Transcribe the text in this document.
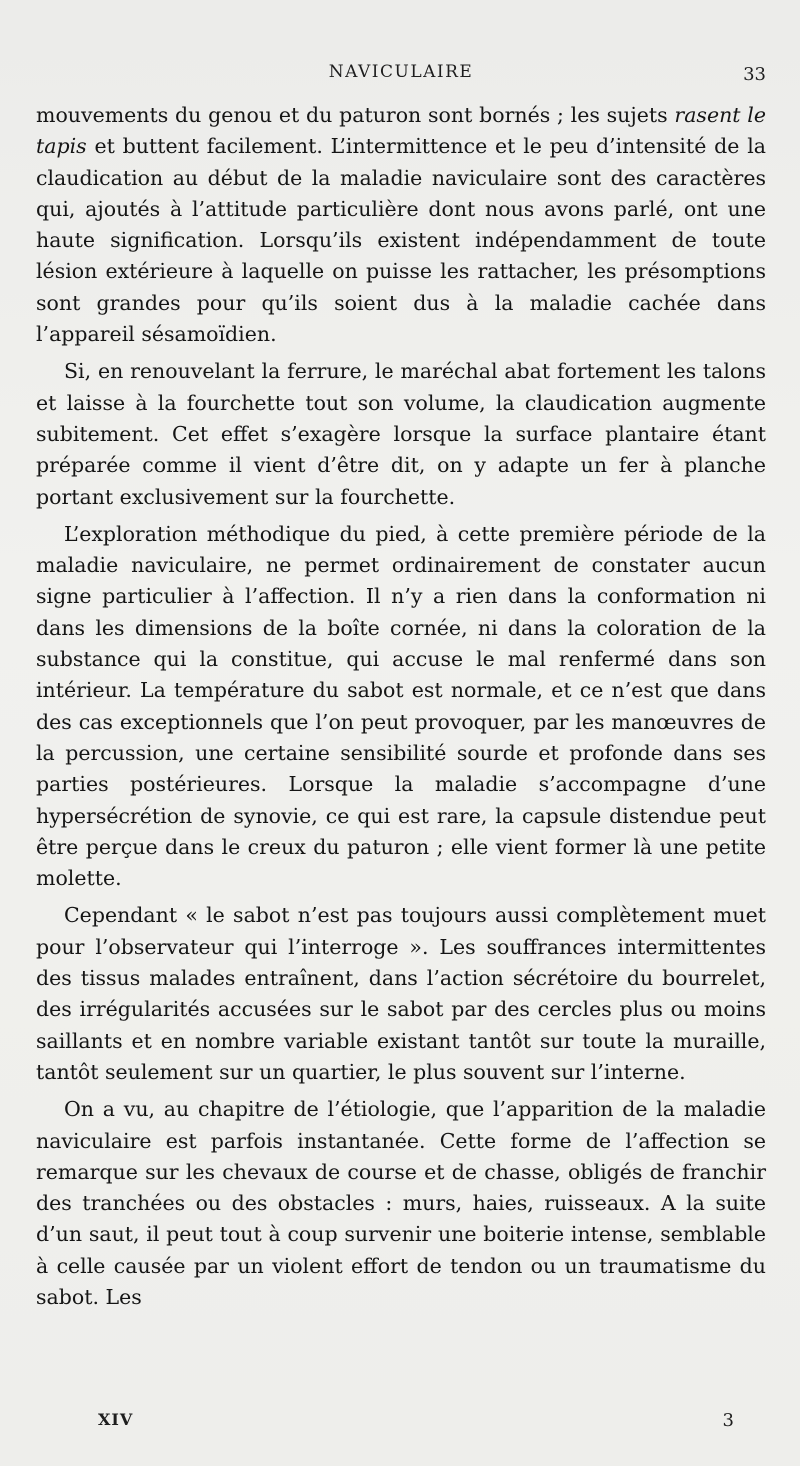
NAVICULAIRE	33

mouvements du genou et du paturon sont bornés ; les sujets rasent le tapis et buttent facilement. L’intermittence et le peu d’intensité de la claudication au début de la maladie naviculaire sont des caractères qui, ajoutés à l’attitude particulière dont nous avons parlé, ont une haute signification. Lorsqu’ils existent indépendamment de toute lésion extérieure à laquelle on puisse les rattacher, les présomptions sont grandes pour qu’ils soient dus à la maladie cachée dans l’appareil sésamoïdien.

Si, en renouvelant la ferrure, le maréchal abat fortement les talons et laisse à la fourchette tout son volume, la claudication augmente subitement. Cet effet s’exagère lorsque la surface plantaire étant préparée comme il vient d’être dit, on y adapte un fer à planche portant exclusivement sur la fourchette.

L’exploration méthodique du pied, à cette première période de la maladie naviculaire, ne permet ordinairement de constater aucun signe particulier à l’affection. Il n’y a rien dans la conformation ni dans les dimensions de la boîte cornée, ni dans la coloration de la substance qui la constitue, qui accuse le mal renfermé dans son intérieur. La température du sabot est normale, et ce n’est que dans des cas exceptionnels que l’on peut provoquer, par les manœuvres de la percussion, une certaine sensibilité sourde et profonde dans ses parties postérieures. Lorsque la maladie s’accompagne d’une hypersécrétion de synovie, ce qui est rare, la capsule distendue peut être perçue dans le creux du paturon ; elle vient former là une petite molette.

Cependant « le sabot n’est pas toujours aussi complètement muet pour l’observateur qui l’interroge ». Les souffrances intermittentes des tissus malades entraînent, dans l’action sécrétoire du bourrelet, des irrégularités accusées sur le sabot par des cercles plus ou moins saillants et en nombre variable existant tantôt sur toute la muraille, tantôt seulement sur un quartier, le plus souvent sur l’interne.

On a vu, au chapitre de l’étiologie, que l’apparition de la maladie naviculaire est parfois instantanée. Cette forme de l’affection se remarque sur les chevaux de course et de chasse, obligés de franchir des tranchées ou des obstacles : murs, haies, ruisseaux. A la suite d’un saut, il peut tout à coup survenir une boiterie intense, semblable à celle causée par un violent effort de tendon ou un traumatisme du sabot. Les

XIV	3
